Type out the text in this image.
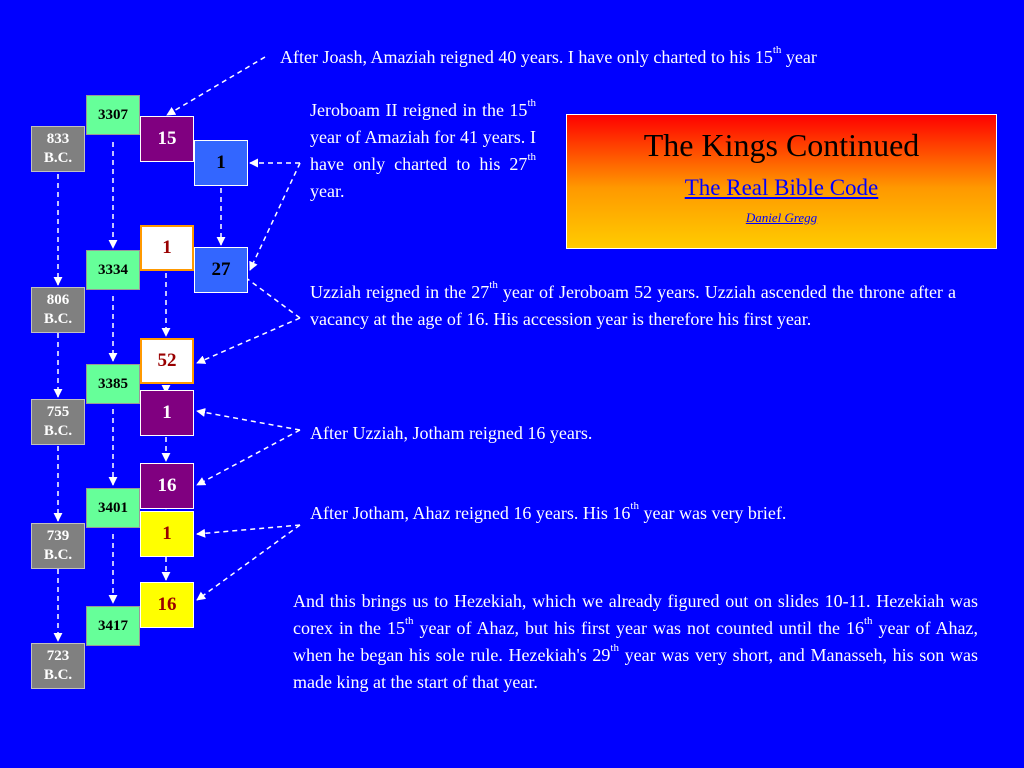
The Kings Continued
The Real Bible Code
Daniel Gregg
3307
3334
3385
3401
3417
833
B.C.
806
B.C.
755
B.C.
739
B.C.
723
B.C.
15
1
27
1
52
1
16
1
16
After Joash, Amaziah reigned 40 years. I have only charted to his 15th year
Jeroboam II reigned in the 15th year of Amaziah for 41 years. I have only charted to his 27th year.
Uzziah reigned in the 27th year of Jeroboam 52 years. Uzziah ascended the throne after a vacancy at the age of 16. His accession year is therefore his first year.
After Uzziah, Jotham reigned 16 years.
After Jotham, Ahaz reigned 16 years. His 16th year was very brief.
And this brings us to Hezekiah, which we already figured out on slides 10-11. Hezekiah was corex in the 15th year of Ahaz, but his first year was not counted until the 16th year of Ahaz, when he began his sole rule. Hezekiah's 29th year was very short, and Manasseh, his son was made king at the start of that year.
